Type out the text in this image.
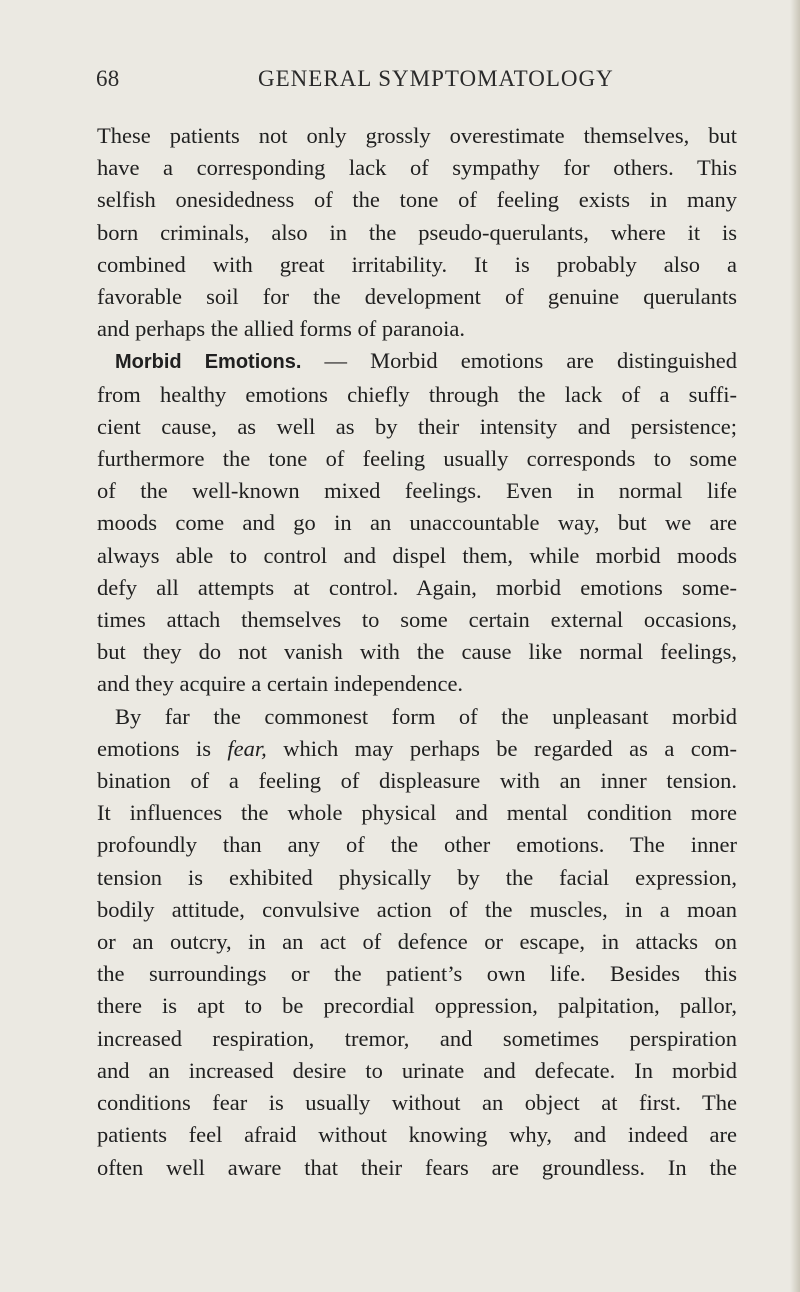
68	GENERAL SYMPTOMATOLOGY
These patients not only grossly overestimate themselves, but
have a corresponding lack of sympathy for others. This
selfish onesidedness of the tone of feeling exists in many
born criminals, also in the pseudo-querulants, where it is
combined with great irritability. It is probably also a
favorable soil for the development of genuine querulants
and perhaps the allied forms of paranoia.
Morbid Emotions. — Morbid emotions are distinguished
from healthy emotions chiefly through the lack of a suffi-
cient cause, as well as by their intensity and persistence;
furthermore the tone of feeling usually corresponds to some
of the well-known mixed feelings. Even in normal life
moods come and go in an unaccountable way, but we are
always able to control and dispel them, while morbid moods
defy all attempts at control. Again, morbid emotions some-
times attach themselves to some certain external occasions,
but they do not vanish with the cause like normal feelings,
and they acquire a certain independence.
By far the commonest form of the unpleasant morbid
emotions is fear, which may perhaps be regarded as a com-
bination of a feeling of displeasure with an inner tension.
It influences the whole physical and mental condition more
profoundly than any of the other emotions. The inner
tension is exhibited physically by the facial expression,
bodily attitude, convulsive action of the muscles, in a moan
or an outcry, in an act of defence or escape, in attacks on
the surroundings or the patient’s own life. Besides this
there is apt to be precordial oppression, palpitation, pallor,
increased respiration, tremor, and sometimes perspiration
and an increased desire to urinate and defecate. In morbid
conditions fear is usually without an object at first. The
patients feel afraid without knowing why, and indeed are
often well aware that their fears are groundless. In the
